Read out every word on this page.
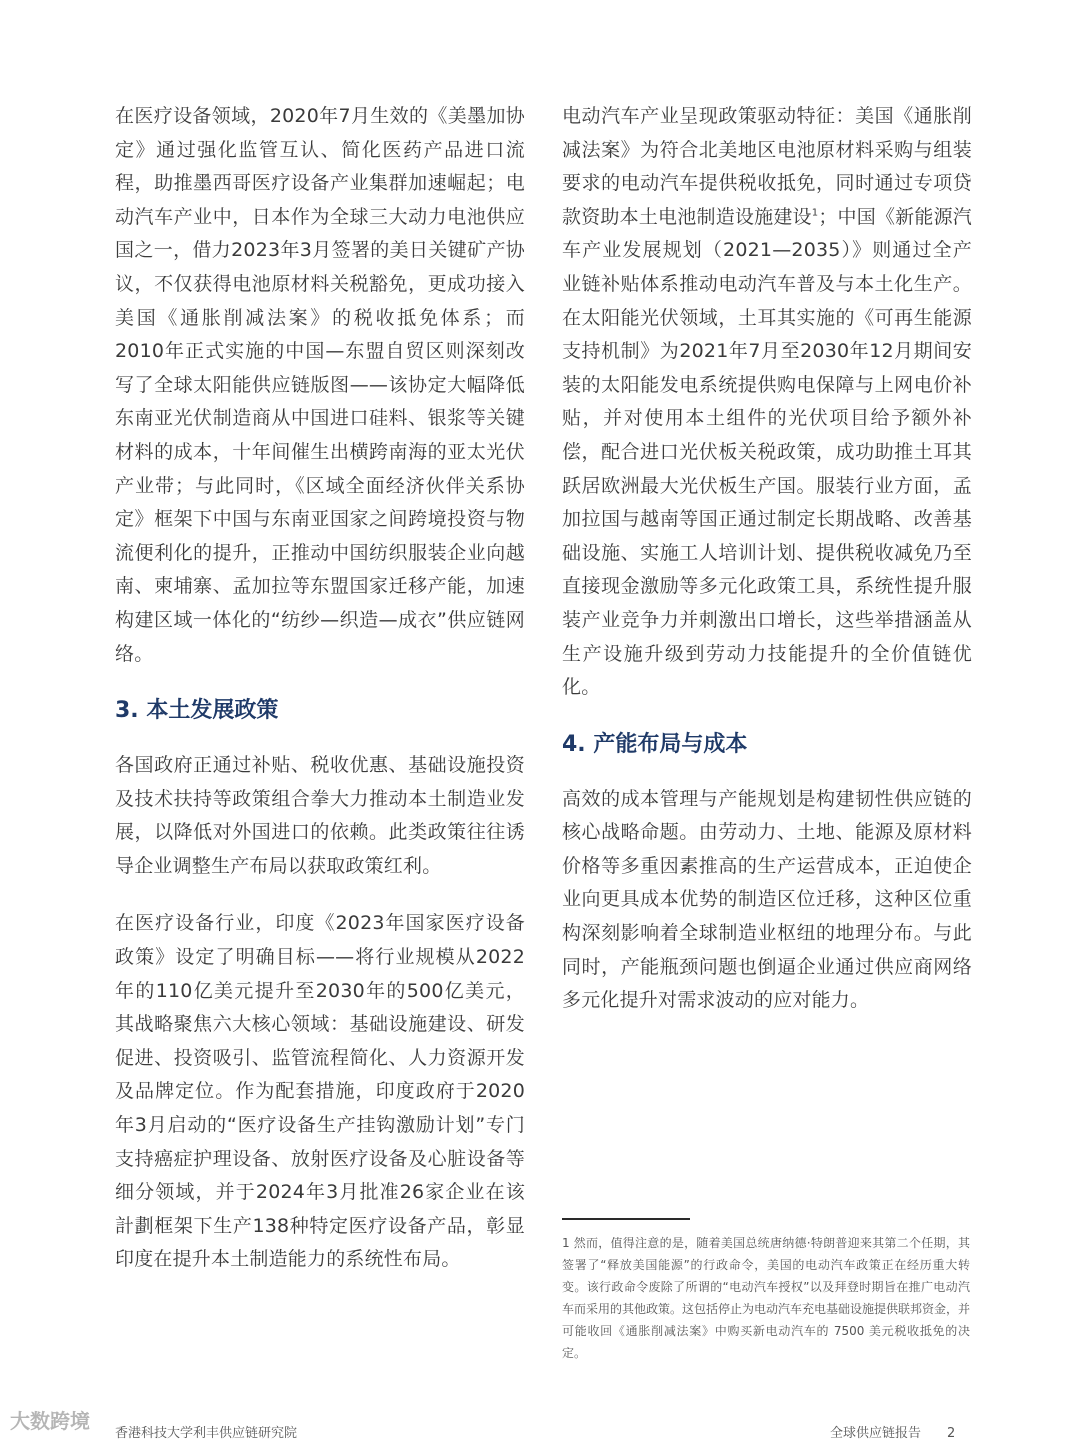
在医疗设备领域，2020年7月生效的《美墨加协定》通过强化监管互认、简化医药产品进口流程，助推墨西哥医疗设备产业集群加速崛起；电动汽车产业中，日本作为全球三大动力电池供应国之一，借力2023年3月签署的美日关键矿产协议，不仅获得电池原材料关税豁免，更成功接入美国《通胀削减法案》的税收抵免体系；而2010年正式实施的中国—东盟自贸区则深刻改写了全球太阳能供应链版图——该协定大幅降低东南亚光伏制造商从中国进口硅料、银浆等关键材料的成本，十年间催生出横跨南海的亚太光伏产业带；与此同时，《区域全面经济伙伴关系协定》框架下中国与东南亚国家之间跨境投资与物流便利化的提升，正推动中国纺织服装企业向越南、柬埔寨、孟加拉等东盟国家迁移产能，加速构建区域一体化的“纺纱—织造—成衣”供应链网络。

3. 本土发展政策

各国政府正通过补贴、税收优惠、基础设施投资及技术扶持等政策组合拳大力推动本土制造业发展，以降低对外国进口的依赖。此类政策往往诱导企业调整生产布局以获取政策红利。

在医疗设备行业，印度《2023年国家医疗设备政策》设定了明确目标——将行业规模从2022年的110亿美元提升至2030年的500亿美元，其战略聚焦六大核心领域：基础设施建设、研发促进、投资吸引、监管流程简化、人力资源开发及品牌定位。作为配套措施，印度政府于2020年3月启动的“医疗设备生产挂钩激励计划”专门支持癌症护理设备、放射医疗设备及心脏设备等细分领域，并于2024年3月批准26家企业在该計劃框架下生产138种特定医疗设备产品，彰显印度在提升本土制造能力的系统性布局。

电动汽车产业呈现政策驱动特征：美国《通胀削减法案》为符合北美地区电池原材料采购与组装要求的电动汽车提供税收抵免，同时通过专项贷款资助本土电池制造设施建设$^1$；中国《新能源汽车产业发展规划（2021—2035）》则通过全产业链补贴体系推动电动汽车普及与本土化生产。在太阳能光伏领域，土耳其实施的《可再生能源支持机制》为2021年7月至2030年12月期间安装的太阳能发电系统提供购电保障与上网电价补贴，并对使用本土组件的光伏项目给予额外补偿，配合进口光伏板关税政策，成功助推土耳其跃居欧洲最大光伏板生产国。服装行业方面，孟加拉国与越南等国正通过制定长期战略、改善基础设施、实施工人培训计划、提供税收减免乃至直接现金激励等多元化政策工具，系统性提升服装产业竞争力并刺激出口增长，这些举措涵盖从生产设施升级到劳动力技能提升的全价值链优化。

4. 产能布局与成本

高效的成本管理与产能规划是构建韧性供应链的核心战略命题。由劳动力、土地、能源及原材料价格等多重因素推高的生产运营成本，正迫使企业向更具成本优势的制造区位迁移，这种区位重构深刻影响着全球制造业枢纽的地理分布。与此同时，产能瓶颈问题也倒逼企业通过供应商网络多元化提升对需求波动的应对能力。

1 然而，值得注意的是，随着美国总统唐纳德·特朗普迎来其第二个任期，其签署了“释放美国能源”的行政命令，美国的电动汽车政策正在经历重大转变。该行政命令废除了所谓的“电动汽车授权”以及拜登时期旨在推广电动汽车而采用的其他政策。这包括停止为电动汽车充电基础设施提供联邦资金，并可能收回《通胀削减法案》中购买新电动汽车的 7500 美元税收抵免的决定。

大数跨境
香港科技大学利丰供应链研究院	全球供应链报告 2
